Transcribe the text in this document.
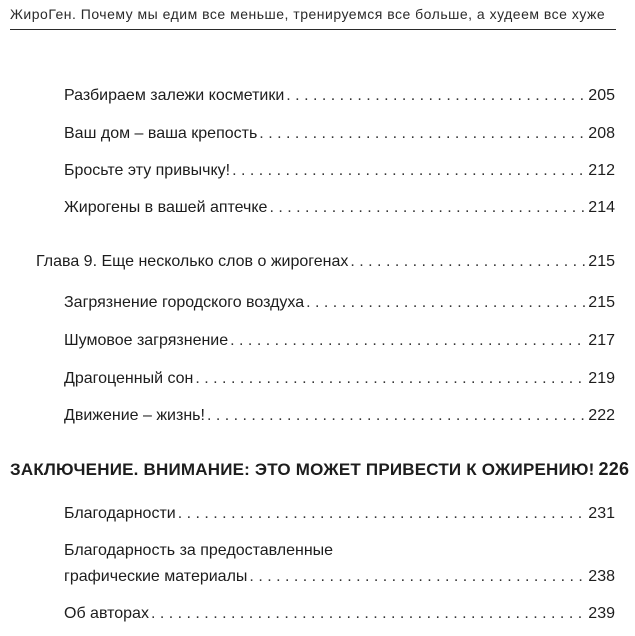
ЖироГен. Почему мы едим все меньше, тренируемся все больше, а худеем все хуже
Разбираем залежи косметики . . .	205
Ваш дом – ваша крепость . . .	208
Бросьте эту привычку! . . .	212
Жирогены в вашей аптечке . . .	214
Глава 9. Еще несколько слов о жирогенах . . .	215
Загрязнение городского воздуха . . .	215
Шумовое загрязнение . . .	217
Драгоценный сон . . .	219
Движение – жизнь! . . .	222
ЗАКЛЮЧЕНИЕ. ВНИМАНИЕ: ЭТО МОЖЕТ ПРИВЕСТИ К ОЖИРЕНИЮ! 226
Благодарности . . .	231
Благодарность за предоставленные
графические материалы . . .	238
Об авторах . . .	239
